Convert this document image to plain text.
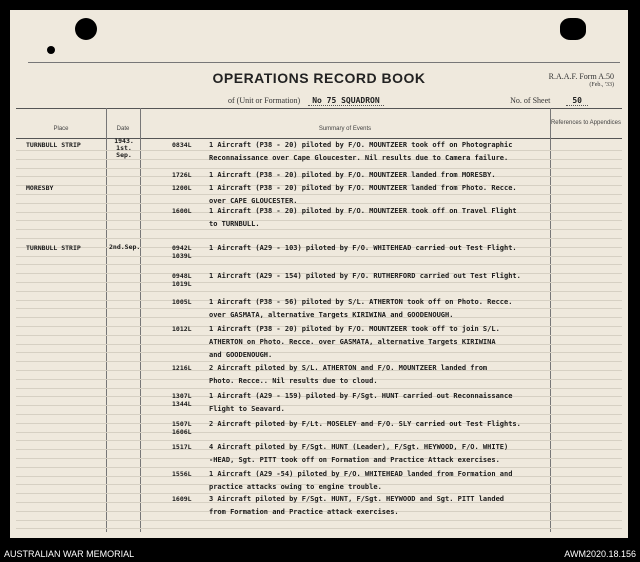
OPERATIONS RECORD BOOK	R.A.A.F. Form A.50
(Feb., '33)
of (Unit or Formation) No 75 SQUADRON	No. of Sheet	50
Place	Date	Summary of Events
References to Appendices
TURNBULL STRIP	1943. 1st. Sep.
0834L 1 Aircraft (P38 - 20) piloted by F/O. MOUNTZEER took off on Photographic
Reconnaissance over Cape Gloucester. Nil results due to Camera failure.
1726L 1 Aircraft (P38 - 20) piloted by F/O. MOUNTZEER landed from MORESBY.
MORESBY	1200L 1 Aircraft (P38 - 20) piloted by F/O. MOUNTZEER landed from Photo. Recce.
over CAPE GLOUCESTER.
1600L 1 Aircraft (P38 - 20) piloted by F/O. MOUNTZEER took off on Travel Flight
to TURNBULL.
TURNBULL STRIP	2nd.Sep.	0942L
1039L
1 Aircraft (A29 - 103) piloted by F/O. WHITEHEAD carried out Test Flight.
0948L
1019L
1 Aircraft (A29 - 154) piloted by F/O. RUTHERFORD carried out Test Flight.
1005L 1 Aircraft (P38 - 56) piloted by S/L. ATHERTON took off on Photo. Recce.
over GASMATA, alternative Targets KIRIWINA and GOODENOUGH.
1012L 1 Aircraft (P38 - 20) piloted by F/O. MOUNTZEER took off to join S/L.
ATHERTON on Photo. Recce. over GASMATA, alternative Targets KIRIWINA
and GOODENOUGH.
1216L 2 Aircraft piloted by S/L. ATHERTON and F/O. MOUNTZEER landed from
Photo. Recce.. Nil results due to cloud.
1307L
1344L
1 Aircraft (A29 - 159) piloted by F/Sgt. HUNT carried out Reconnaissance
Flight to Seavard.
1507L
1606L
2 Aircraft piloted by F/Lt. MOSELEY and F/O. SLY carried out Test Flights.
1517L 4 Aircraft piloted by F/Sgt. HUNT (Leader), F/Sgt. HEYWOOD, F/O. WHITE)
-HEAD, Sgt. PITT took off on Formation and Practice Attack exercises.
1556L 1 Aircraft (A29 -54) piloted by F/O. WHITEHEAD landed from Formation and
practice attacks owing to engine trouble.
1609L 3 Aircraft piloted by F/Sgt. HUNT, F/Sgt. HEYWOOD and Sgt. PITT landed
from Formation and Practice attack exercises.
AUSTRALIAN WAR MEMORIAL	AWM2020.18.156
